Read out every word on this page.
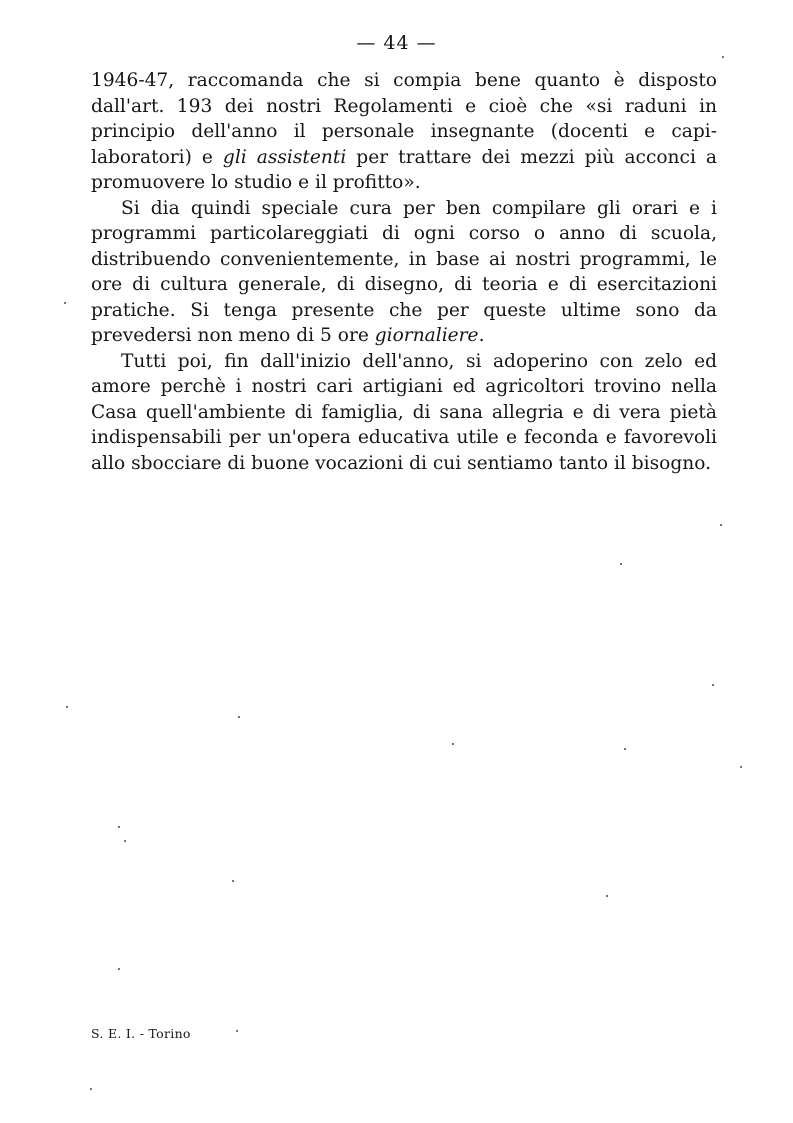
— 44 —

1946-47, raccomanda che si compia bene quanto è disposto dall'art. 193 dei nostri Regolamenti e cioè che «si raduni in principio dell'anno il personale insegnante (docenti e capi-laboratori) e gli assistenti per trattare dei mezzi più acconci a promuovere lo studio e il profitto».

Si dia quindi speciale cura per ben compilare gli orari e i programmi particolareggiati di ogni corso o anno di scuola, distribuendo convenientemente, in base ai nostri programmi, le ore di cultura generale, di disegno, di teoria e di esercitazioni pratiche. Si tenga presente che per queste ultime sono da prevedersi non meno di 5 ore giornaliere.

Tutti poi, fin dall'inizio dell'anno, si adoperino con zelo ed amore perchè i nostri cari artigiani ed agricoltori trovino nella Casa quell'ambiente di famiglia, di sana allegria e di vera pietà indispensabili per un'opera educativa utile e feconda e favorevoli allo sbocciare di buone vocazioni di cui sentiamo tanto il bisogno.

S. E. I. - Torino
